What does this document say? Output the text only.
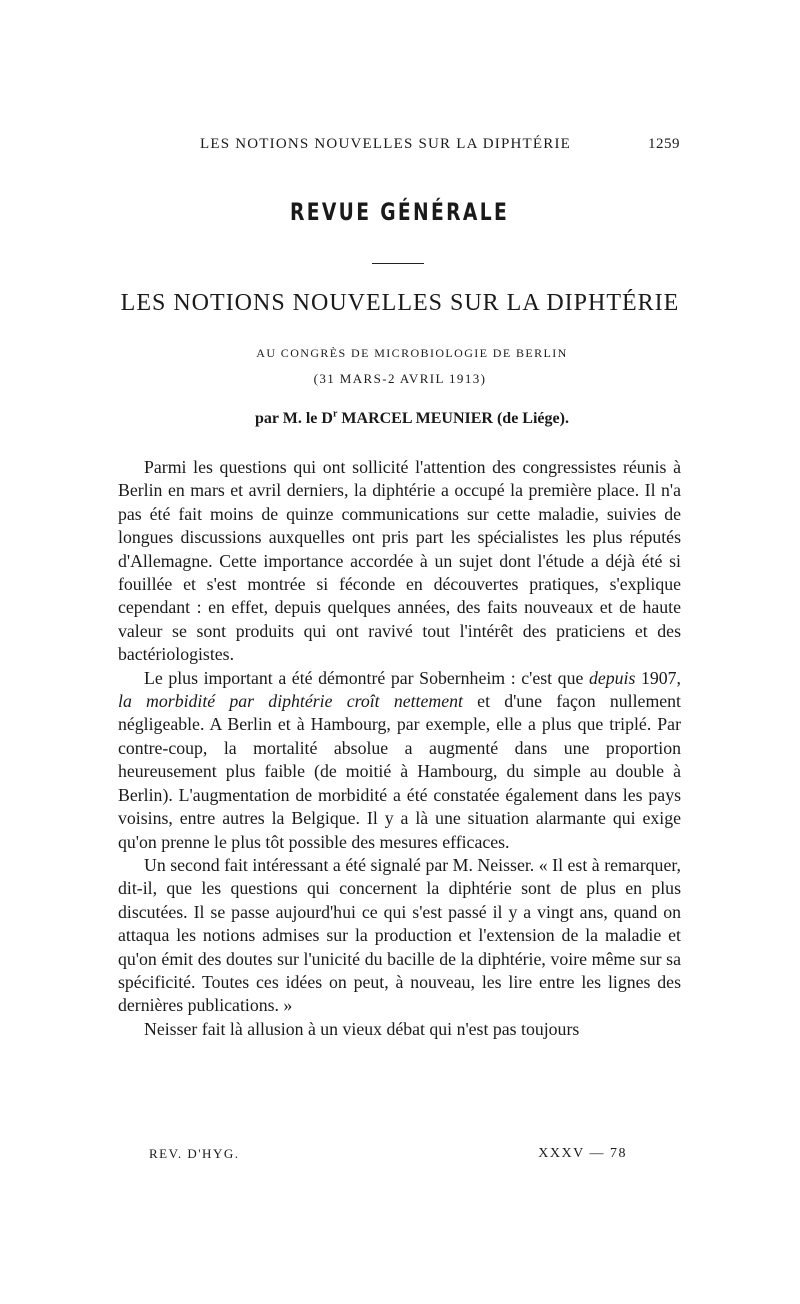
LES NOTIONS NOUVELLES SUR LA DIPHTÉRIE	1259
REVUE GÉNÉRALE
LES NOTIONS NOUVELLES SUR LA DIPHTÉRIE
AU CONGRÈS DE MICROBIOLOGIE DE BERLIN
(31 MARS-2 AVRIL 1913)
par M. le $D^r$ MARCEL MEUNIER (de Liége).

Parmi les questions qui ont sollicité l'attention des congressistes réunis à Berlin en mars et avril derniers, la diphtérie a occupé la première place. Il n'a pas été fait moins de quinze communications sur cette maladie, suivies de longues discussions auxquelles ont pris part les spécialistes les plus réputés d'Allemagne. Cette importance accordée à un sujet dont l'étude a déjà été si fouillée et s'est montrée si féconde en découvertes pratiques, s'explique cependant : en effet, depuis quelques années, des faits nouveaux et de haute valeur se sont produits qui ont ravivé tout l'intérêt des praticiens et des bactériologistes.

Le plus important a été démontré par Sobernheim : c'est que depuis 1907, la morbidité par diphtérie croît nettement et d'une façon nullement négligeable. A Berlin et à Hambourg, par exemple, elle a plus que triplé. Par contre-coup, la mortalité absolue a augmenté dans une proportion heureusement plus faible (de moitié à Hambourg, du simple au double à Berlin). L'augmentation de morbidité a été constatée également dans les pays voisins, entre autres la Belgique. Il y a là une situation alarmante qui exige qu'on prenne le plus tôt possible des mesures efficaces.

Un second fait intéressant a été signalé par M. Neisser. « Il est à remarquer, dit-il, que les questions qui concernent la diphtérie sont de plus en plus discutées. Il se passe aujourd'hui ce qui s'est passé il y a vingt ans, quand on attaqua les notions admises sur la production et l'extension de la maladie et qu'on émit des doutes sur l'unicité du bacille de la diphtérie, voire même sur sa spécificité. Toutes ces idées on peut, à nouveau, les lire entre les lignes des dernières publications. »

Neisser fait là allusion à un vieux débat qui n'est pas toujours

REV. D'HYG.	XXXV — 78
